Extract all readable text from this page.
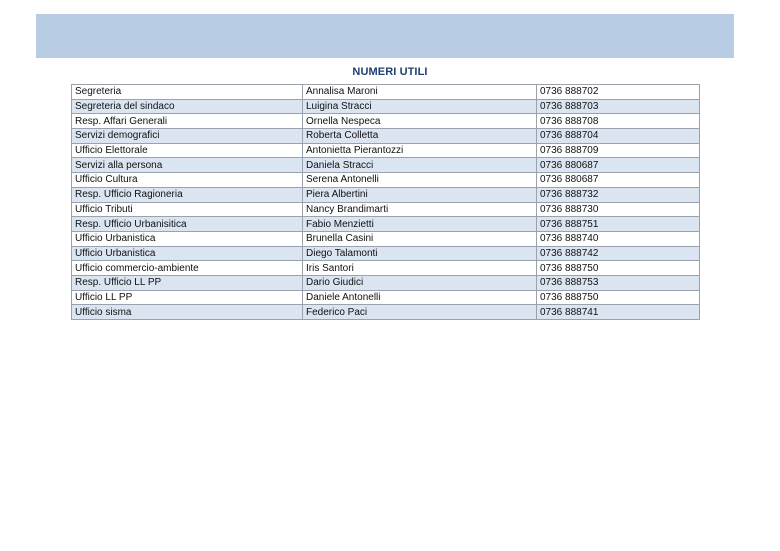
NUMERI UTILI
Segreteria	Annalisa Maroni	0736 888702
Segreteria del sindaco	Luigina Stracci	0736 888703
Resp. Affari Generali	Ornella Nespeca	0736 888708
Servizi demografici	Roberta Colletta	0736 888704
Ufficio Elettorale	Antonietta Pierantozzi	0736 888709
Servizi alla persona	Daniela Stracci	0736 880687
Ufficio Cultura	Serena Antonelli	0736 880687
Resp. Ufficio Ragioneria	Piera Albertini	0736 888732
Ufficio Tributi	Nancy Brandimarti	0736 888730
Resp. Ufficio Urbanisitica	Fabio Menzietti	0736 888751
Ufficio Urbanistica	Brunella Casini	0736 888740
Ufficio Urbanistica	Diego Talamonti	0736 888742
Ufficio commercio-ambiente	Iris Santori	0736 888750
Resp. Ufficio LL PP	Dario Giudici	0736 888753
Ufficio LL PP	Daniele Antonelli	0736 888750
Ufficio sisma	Federico Paci	0736 888741
